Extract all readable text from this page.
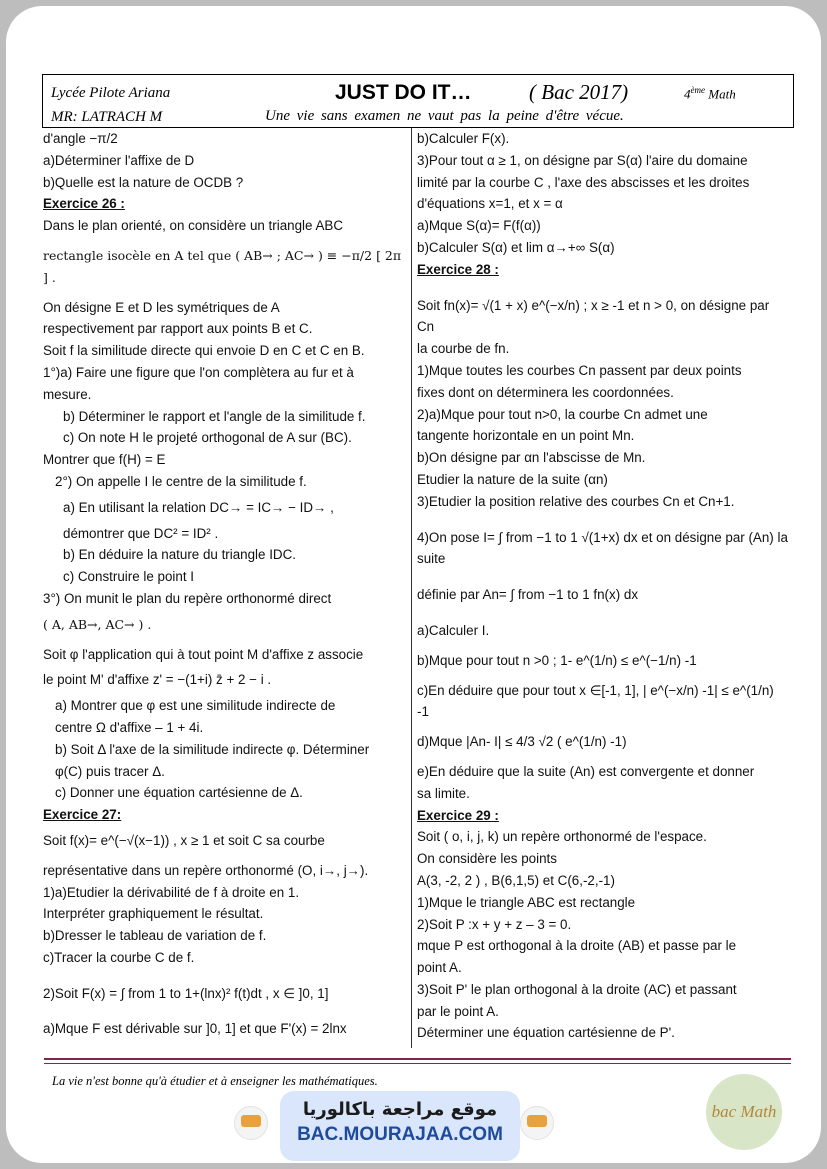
Lycée Pilote Ariana
MR: LATRACH M
JUST DO IT…	( Bac 2017)	4ème Math
Une vie sans examen ne vaut pas la peine d'être vécue.

d'angle −π/2

a)Déterminer l'affixe de D

b)Quelle est la nature de OCDB ?

Exercice 26 :

Dans le plan orienté, on considère un triangle ABC

rectangle isocèle en A tel que ( AB→ ; AC→ ) ≡ −π/2 [ 2π ] .

On désigne E et D les symétriques de A

respectivement par rapport aux points B et C.

Soit f la similitude directe qui envoie D en C et C en B.

1°)a) Faire une figure que l'on complètera au fur et à

mesure.

b) Déterminer le rapport et l'angle de la similitude f.

c) On note H le projeté orthogonal de A sur (BC).

Montrer que f(H) = E

2°) On appelle I le centre de la similitude f.

a) En utilisant la relation DC→ = IC→ − ID→ ,

démontrer que DC² = ID² .

b) En déduire la nature du triangle IDC.

c) Construire le point I

3°) On munit le plan du repère orthonormé direct

( A, AB→, AC→ ) .

Soit φ l'application qui à tout point M d'affixe z associe

le point M' d'affixe z' = −(1+i) z̄ + 2 − i .

a) Montrer que φ est une similitude indirecte de

centre Ω d'affixe – 1 + 4i.

b) Soit Δ l'axe de la similitude indirecte φ. Déterminer

φ(C) puis tracer Δ.

c) Donner une équation cartésienne de Δ.

Exercice 27:

Soit f(x)= e^(−√(x−1)) , x ≥ 1 et soit C sa courbe

représentative dans un repère orthonormé (O, i→, j→).

1)a)Etudier la dérivabilité de f à droite en 1.

Interpréter graphiquement le résultat.

b)Dresser le tableau de variation de f.

c)Tracer la courbe C de f.

2)Soit F(x) = ∫ from 1 to 1+(lnx)² f(t)dt , x ∈ ]0, 1]

a)Mque F est dérivable sur ]0, 1] et que F'(x) = 2lnx

b)Calculer F(x).

3)Pour tout α ≥ 1, on désigne par S(α) l'aire du domaine

limité par la courbe C , l'axe des abscisses et les droites

d'équations x=1, et x = α

a)Mque S(α)= F(f(α))

b)Calculer S(α) et lim α→+∞ S(α)

Exercice 28 :

Soit fn(x)= √(1 + x) e^(−x/n) ; x ≥ -1 et n > 0, on désigne par Cn

la courbe de fn.

1)Mque toutes les courbes Cn passent par deux points

fixes dont on déterminera les coordonnées.

2)a)Mque pour tout n>0, la courbe Cn admet une

tangente horizontale en un point Mn.

b)On désigne par αn l'abscisse de Mn.

Etudier la nature de la suite (αn)

3)Etudier la position relative des courbes Cn et Cn+1.

4)On pose I= ∫ from −1 to 1 √(1+x) dx et on désigne par (An) la suite

définie par An= ∫ from −1 to 1 fn(x) dx

a)Calculer I.

b)Mque pour tout n >0 ; 1- e^(1/n) ≤ e^(−1/n) -1

c)En déduire que pour tout x ∈[-1, 1], | e^(−x/n) -1| ≤ e^(1/n) -1

d)Mque |An- I| ≤ 4/3 √2 ( e^(1/n) -1)

e)En déduire que la suite (An) est convergente et donner

sa limite.

Exercice 29 :

Soit ( o, i, j, k) un repère orthonormé de l'espace.

On considère les points

A(3, -2, 2 ) , B(6,1,5) et C(6,-2,-1)

1)Mque le triangle ABC est rectangle

2)Soit P :x + y + z – 3 = 0.

mque P est orthogonal à la droite (AB) et passe par le

point A.

3)Soit P' le plan orthogonal à la droite (AC) et passant

par le point A.

Déterminer une équation cartésienne de P'.

La vie n'est bonne qu'à étudier et à enseigner les mathématiques.
موقع مراجعة باكالوريا
BAC.MOURAJAA.COM
bac Math
